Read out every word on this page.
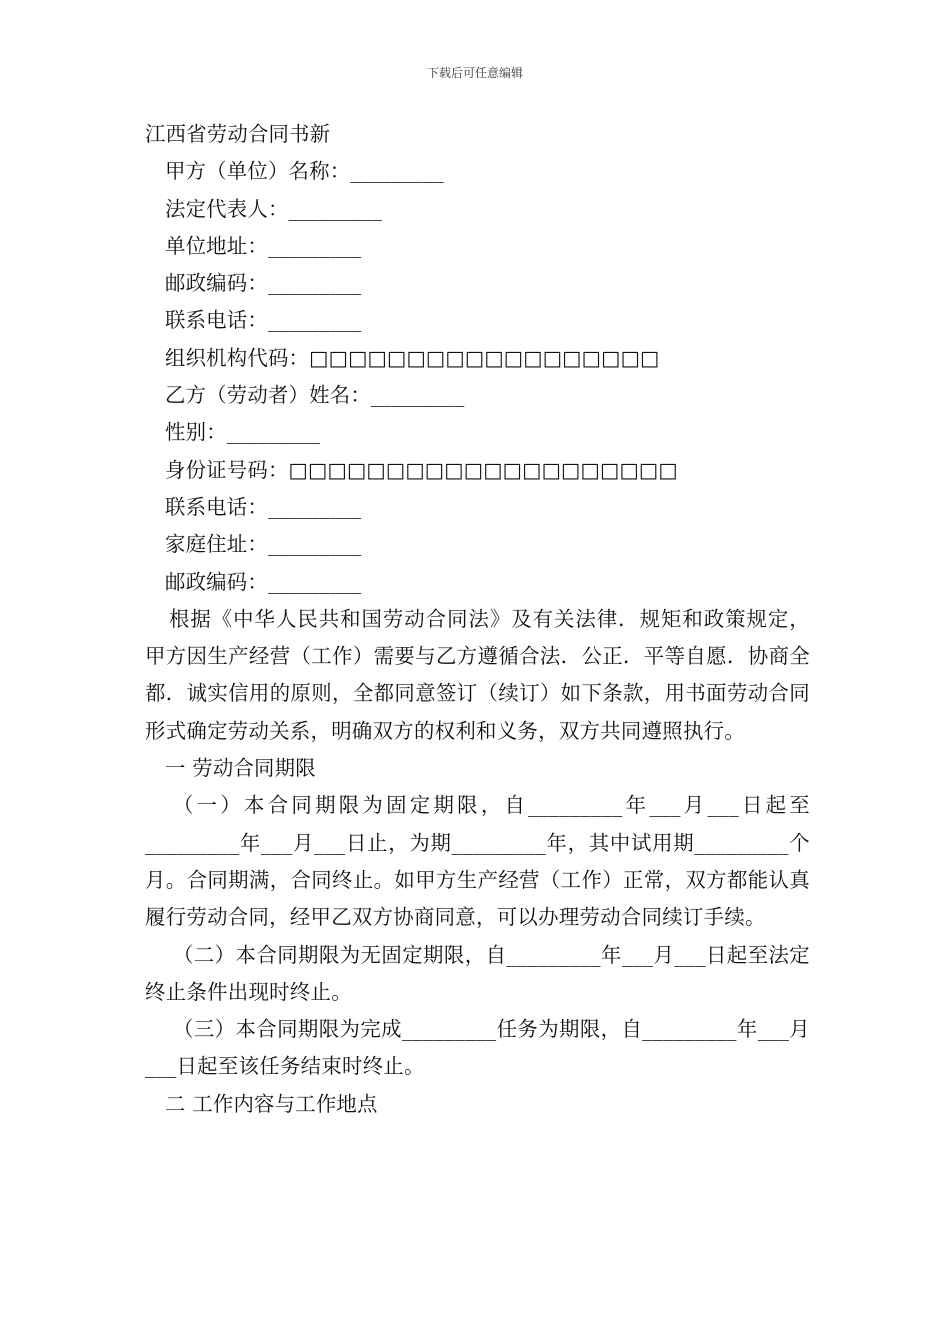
下载后可任意编辑
江西省劳动合同书新
甲方（单位）名称：_________
法定代表人：_________
单位地址：_________
邮政编码：_________
联系电话：_________
组织机构代码：□□□□□□□□□□□□□□□□□□
乙方（劳动者）姓名：_________
性别：_________
身份证号码：□□□□□□□□□□□□□□□□□□□□
联系电话：_________
家庭住址：_________
邮政编码：_________
根据《中华人民共和国劳动合同法》及有关法律．规矩和政策规定，甲方因生产经营（工作）需要与乙方遵循合法．公正．平等自愿．协商全都．诚实信用的原则，全都同意签订（续订）如下条款，用书面劳动合同形式确定劳动关系，明确双方的权利和义务，双方共同遵照执行。
一 劳动合同期限
（一）本合同期限为固定期限，自_________年___月___日起至_________年___月___日止，为期_________年，其中试用期_________个月。合同期满，合同终止。如甲方生产经营（工作）正常，双方都能认真履行劳动合同，经甲乙双方协商同意，可以办理劳动合同续订手续。
（二）本合同期限为无固定期限，自_________年___月___日起至法定终止条件出现时终止。
（三）本合同期限为完成_________任务为期限，自_________年___月___日起至该任务结束时终止。
二 工作内容与工作地点
